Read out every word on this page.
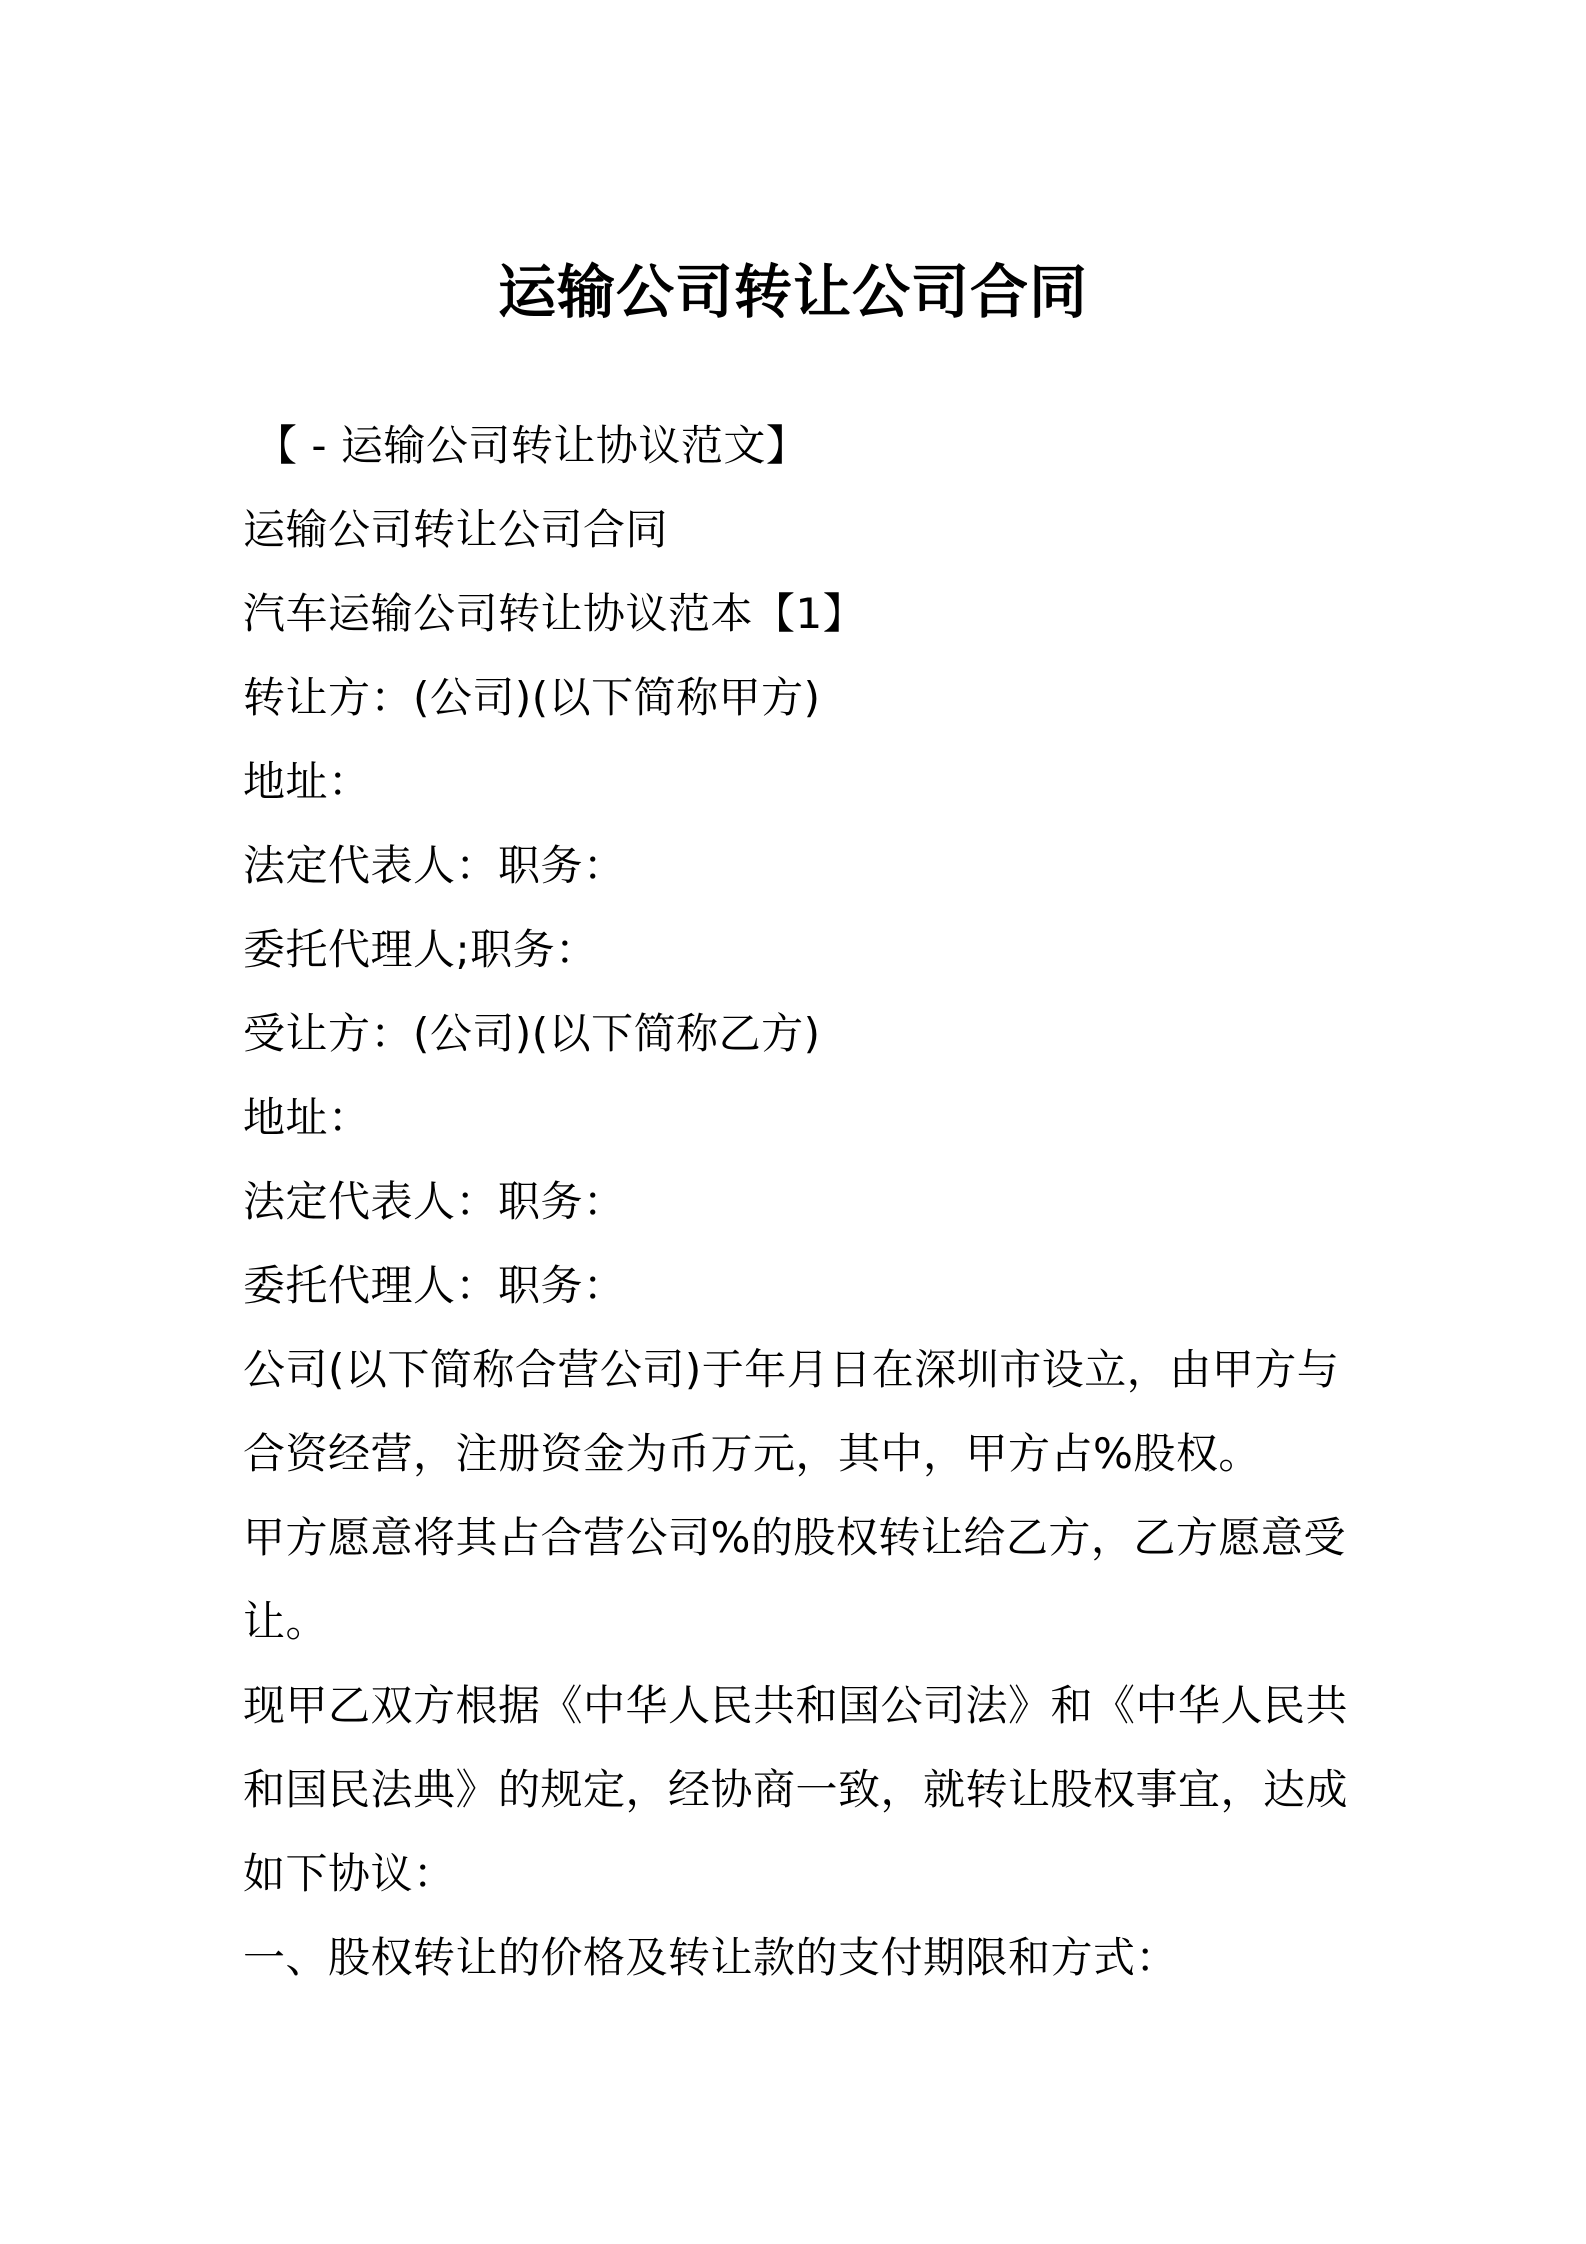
运输公司转让公司合同

【 - 运输公司转让协议范文】

运输公司转让公司合同

汽车运输公司转让协议范本【1】

转让方：(公司)(以下简称甲方)

地址：

法定代表人：职务：

委托代理人;职务：

受让方：(公司)(以下简称乙方)

地址：

法定代表人：职务：

委托代理人：职务：

公司(以下简称合营公司)于年月日在深圳市设立，由甲方与

合资经营，注册资金为币万元，其中，甲方占%股权。

甲方愿意将其占合营公司%的股权转让给乙方，乙方愿意受

让。

现甲乙双方根据《中华人民共和国公司法》和《中华人民共

和国民法典》的规定，经协商一致，就转让股权事宜，达成

如下协议：

一、股权转让的价格及转让款的支付期限和方式：
